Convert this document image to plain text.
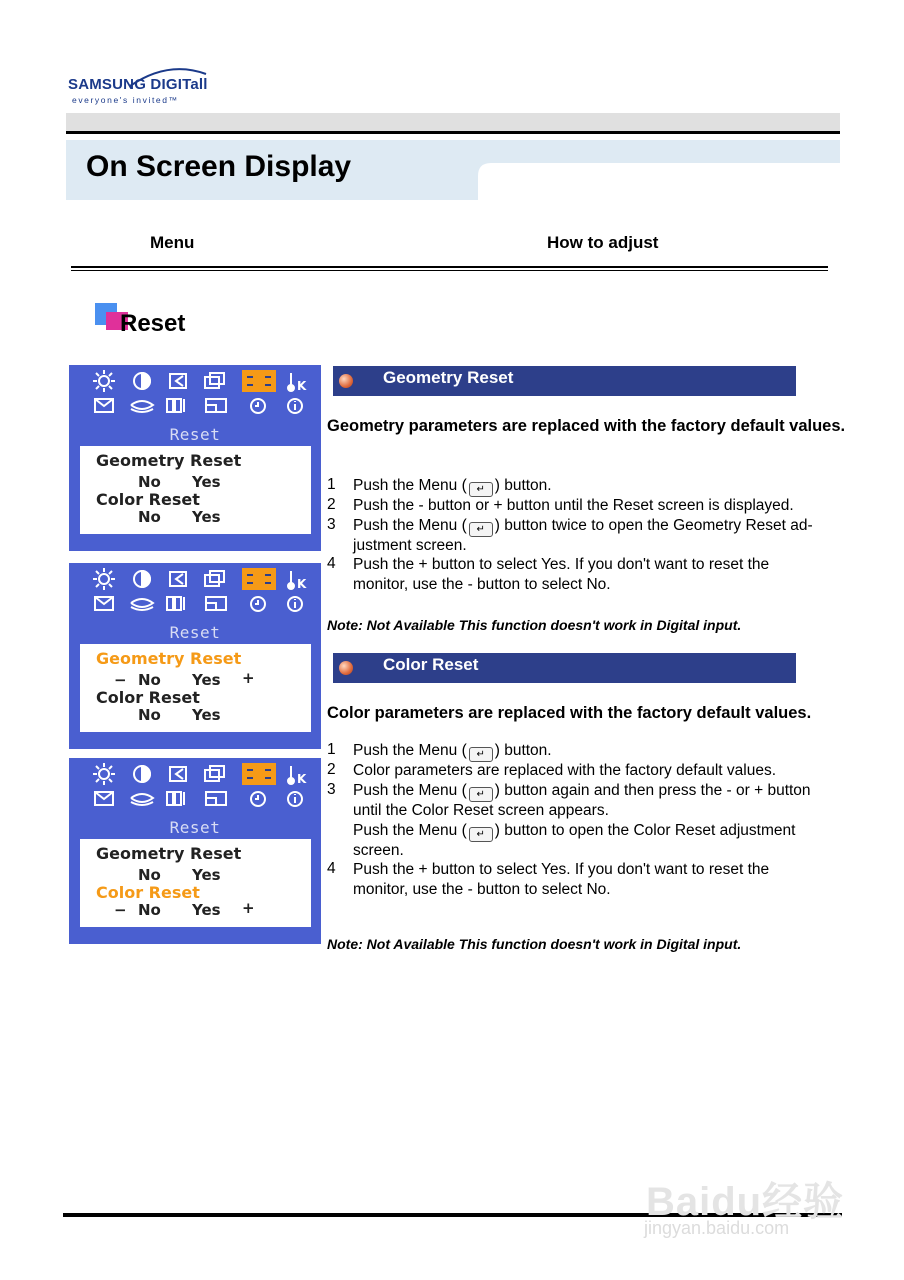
SAMSUNG DIGITall
everyone's invited™
On Screen Display
Menu	How to adjust
Reset
K
Reset
Geometry Reset
No Yes
Color Reset
No Yes
K
Reset
Geometry Reset
− No Yes +
Color Reset
No Yes
K
Reset
Geometry Reset
No Yes
Color Reset
− No Yes +
Geometry Reset
Geometry parameters are replaced with the factory default values.
1 Push the Menu ( ↵ ) button.
2 Push the - button or + button until the Reset screen is displayed.
3 Push the Menu ( ↵ ) button twice to open the Geometry Reset ad-
justment screen.
4 Push the + button to select Yes. If you don't want to reset the
monitor, use the - button to select No.
Note: Not Available This function doesn't work in Digital input.
Color Reset
Color parameters are replaced with the factory default values.
1 Push the Menu ( ↵ ) button.
2 Color parameters are replaced with the factory default values.
3 Push the Menu ( ↵ ) button again and then press the - or + button
until the Color Reset screen appears.
Push the Menu ( ↵ ) button to open the Color Reset adjustment
screen.
4 Push the + button to select Yes. If you don't want to reset the
monitor, use the - button to select No.
Note: Not Available This function doesn't work in Digital input.
Baidu经验
jingyan.baidu.com
